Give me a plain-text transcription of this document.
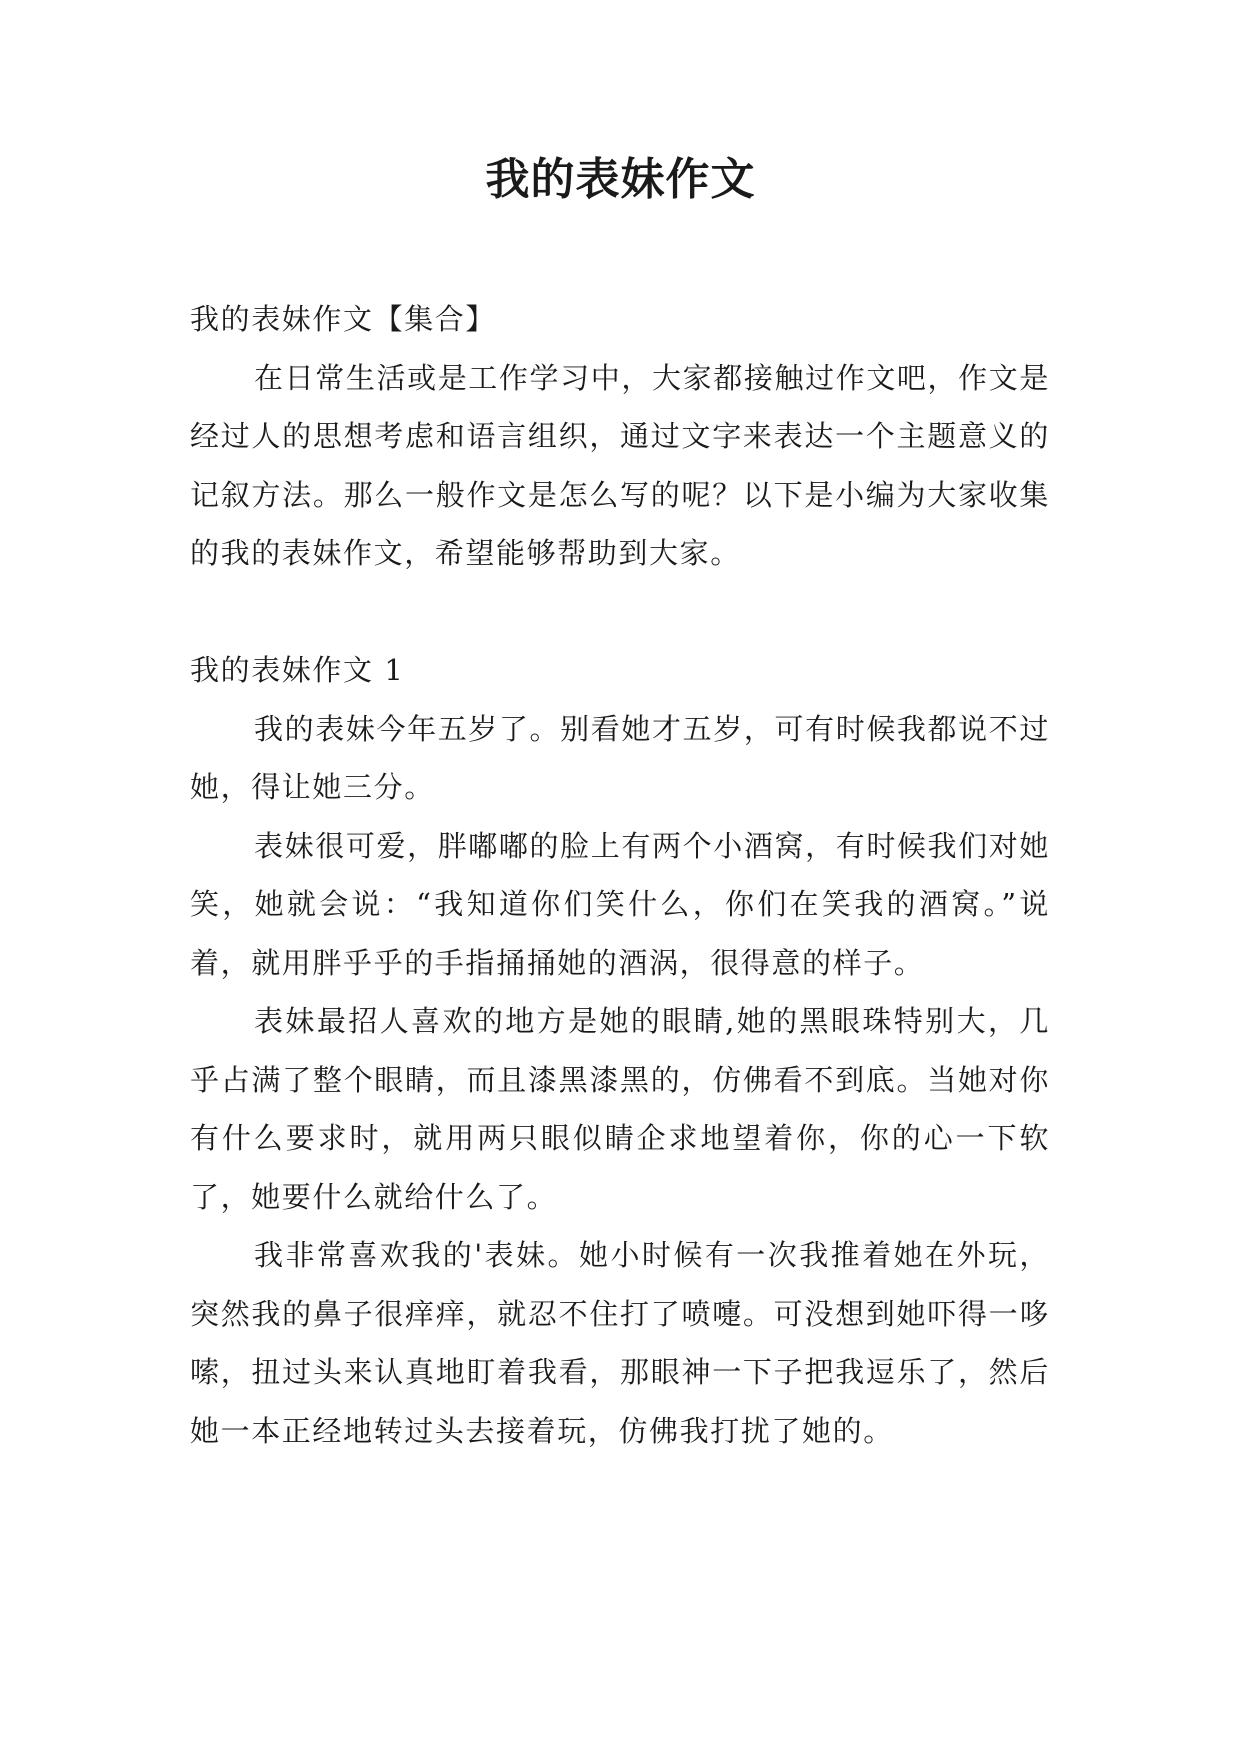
我的表妹作文

我的表妹作文【集合】

在日常生活或是工作学习中，大家都接触过作文吧，作文是经过人的思想考虑和语言组织，通过文字来表达一个主题意义的记叙方法。那么一般作文是怎么写的呢？以下是小编为大家收集的我的表妹作文，希望能够帮助到大家。

我的表妹作文 1

我的表妹今年五岁了。别看她才五岁，可有时候我都说不过她，得让她三分。

表妹很可爱，胖嘟嘟的脸上有两个小酒窝，有时候我们对她笑，她就会说：“我知道你们笑什么，你们在笑我的酒窝。”说着，就用胖乎乎的手指捅捅她的酒涡，很得意的样子。

表妹最招人喜欢的地方是她的眼睛,她的黑眼珠特别大，几乎占满了整个眼睛，而且漆黑漆黑的，仿佛看不到底。当她对你有什么要求时，就用两只眼似睛企求地望着你，你的心一下软了，她要什么就给什么了。

我非常喜欢我的'表妹。她小时候有一次我推着她在外玩，突然我的鼻子很痒痒，就忍不住打了喷嚏。可没想到她吓得一哆嗦，扭过头来认真地盯着我看，那眼神一下子把我逗乐了，然后她一本正经地转过头去接着玩，仿佛我打扰了她的。
